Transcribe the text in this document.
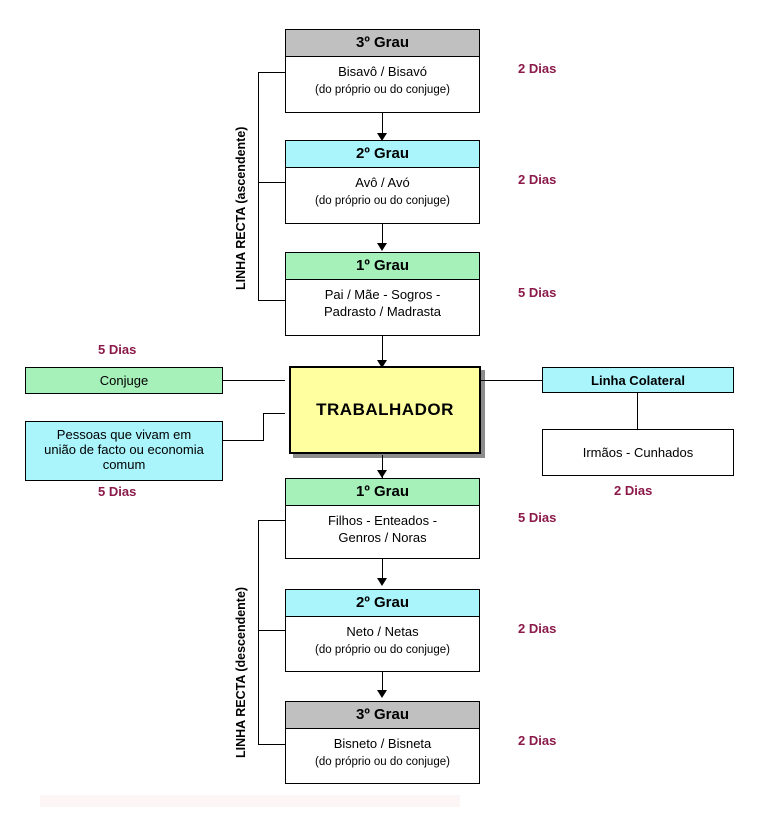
3º Grau
Bisavô / Bisavó
(do próprio ou do conjuge)
2 Dias
2º Grau
Avô / Avó
(do próprio ou do conjuge)
2 Dias
1º Grau
Pai / Mãe - Sogros -
Padrasto / Madrasta
5 Dias
TRABALHADOR
5 Dias
Conjuge
Pessoas que vivam em
união de facto ou economia
comum
5 Dias
Linha Colateral
Irmãos - Cunhados
2 Dias
1º Grau
Filhos - Enteados -
Genros / Noras
5 Dias
2º Grau
Neto / Netas
(do próprio ou do conjuge)
2 Dias
3º Grau
Bisneto / Bisneta
(do próprio ou do conjuge)
2 Dias
LINHA RECTA (ascendente)
LINHA RECTA (descendente)
